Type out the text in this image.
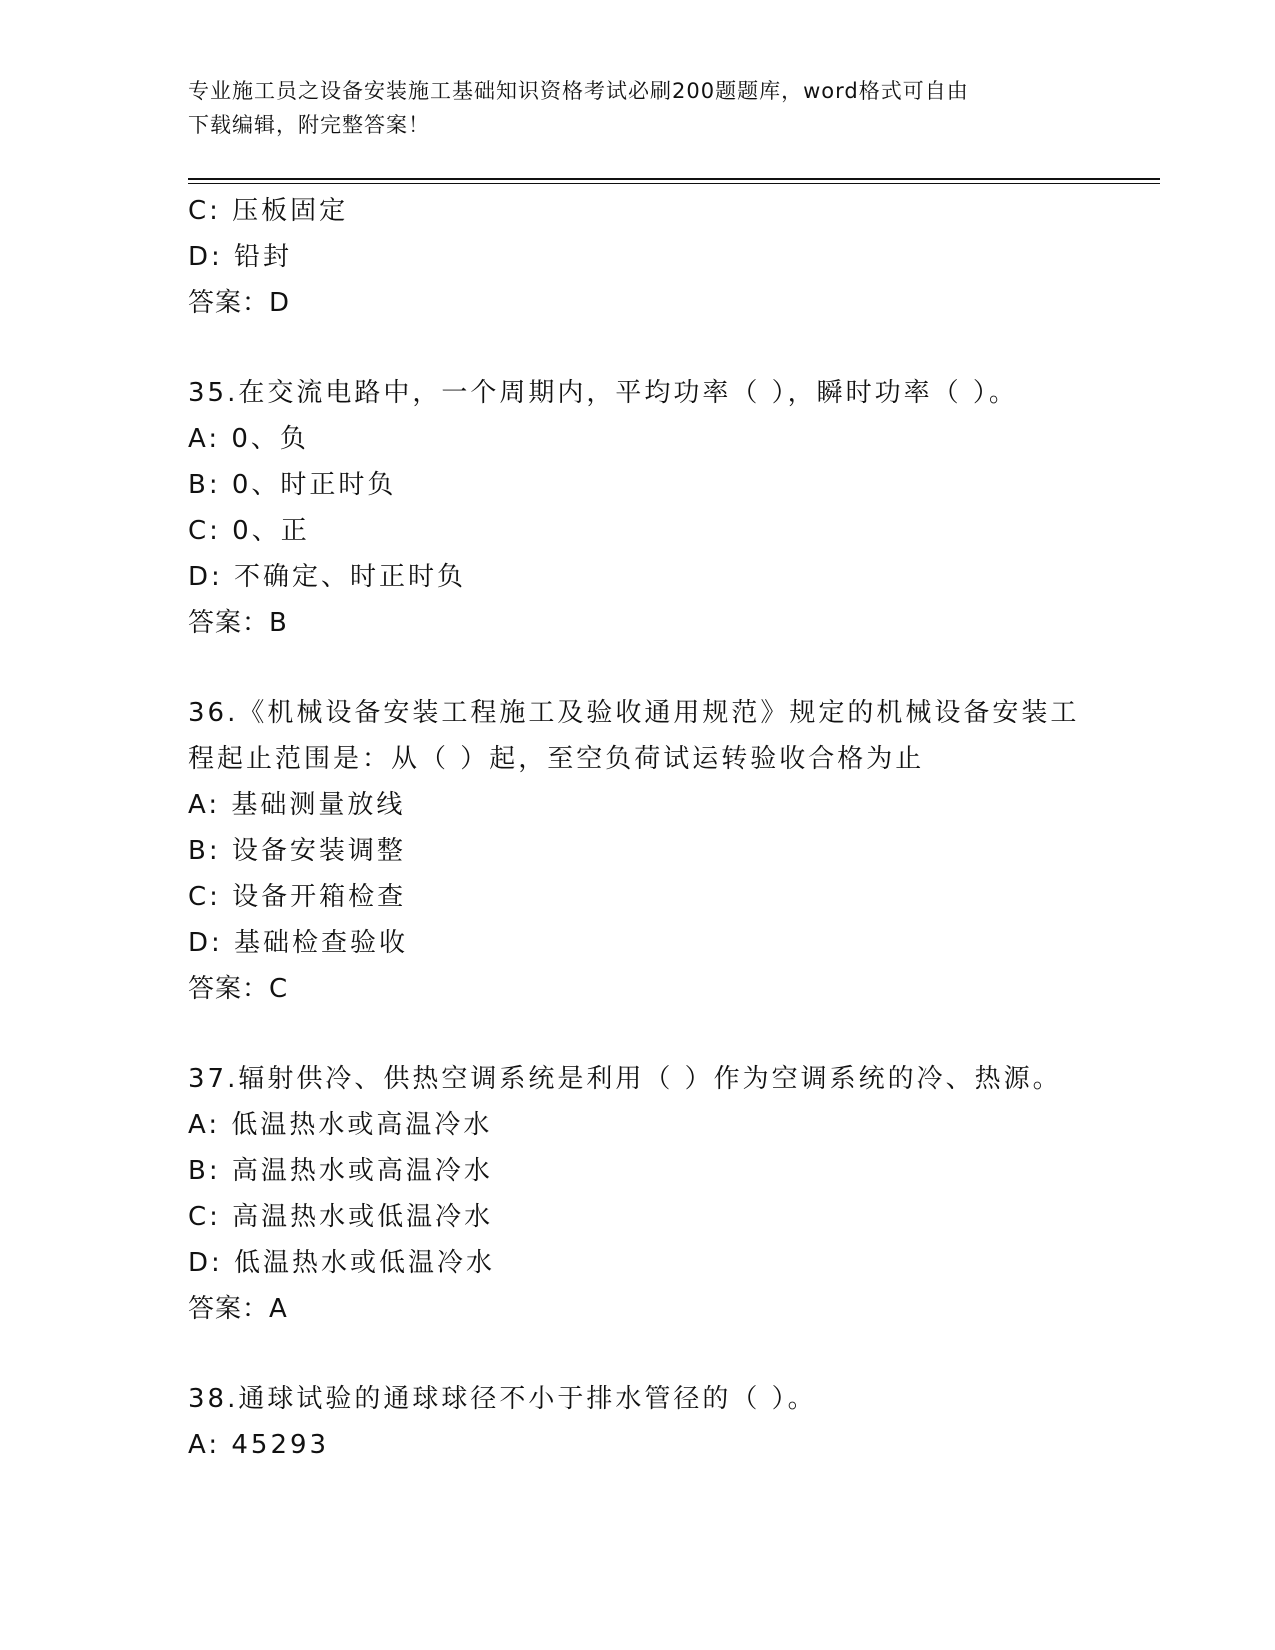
专业施工员之设备安装施工基础知识资格考试必刷200题题库，word格式可自由
下载编辑，附完整答案！
C: 压板固定
D: 铅封
答案：D
35.在交流电路中，一个周期内，平均功率（ ），瞬时功率（ ）。
A: 0、负
B: 0、时正时负
C: 0、正
D: 不确定、时正时负
答案：B
36.《机械设备安装工程施工及验收通用规范》规定的机械设备安装工
程起止范围是：从（ ）起，至空负荷试运转验收合格为止
A: 基础测量放线
B: 设备安装调整
C: 设备开箱检查
D: 基础检查验收
答案：C
37.辐射供冷、供热空调系统是利用（ ）作为空调系统的冷、热源。
A: 低温热水或高温冷水
B: 高温热水或高温冷水
C: 高温热水或低温冷水
D: 低温热水或低温冷水
答案：A
38.通球试验的通球球径不小于排水管径的（ ）。
A: 45293
